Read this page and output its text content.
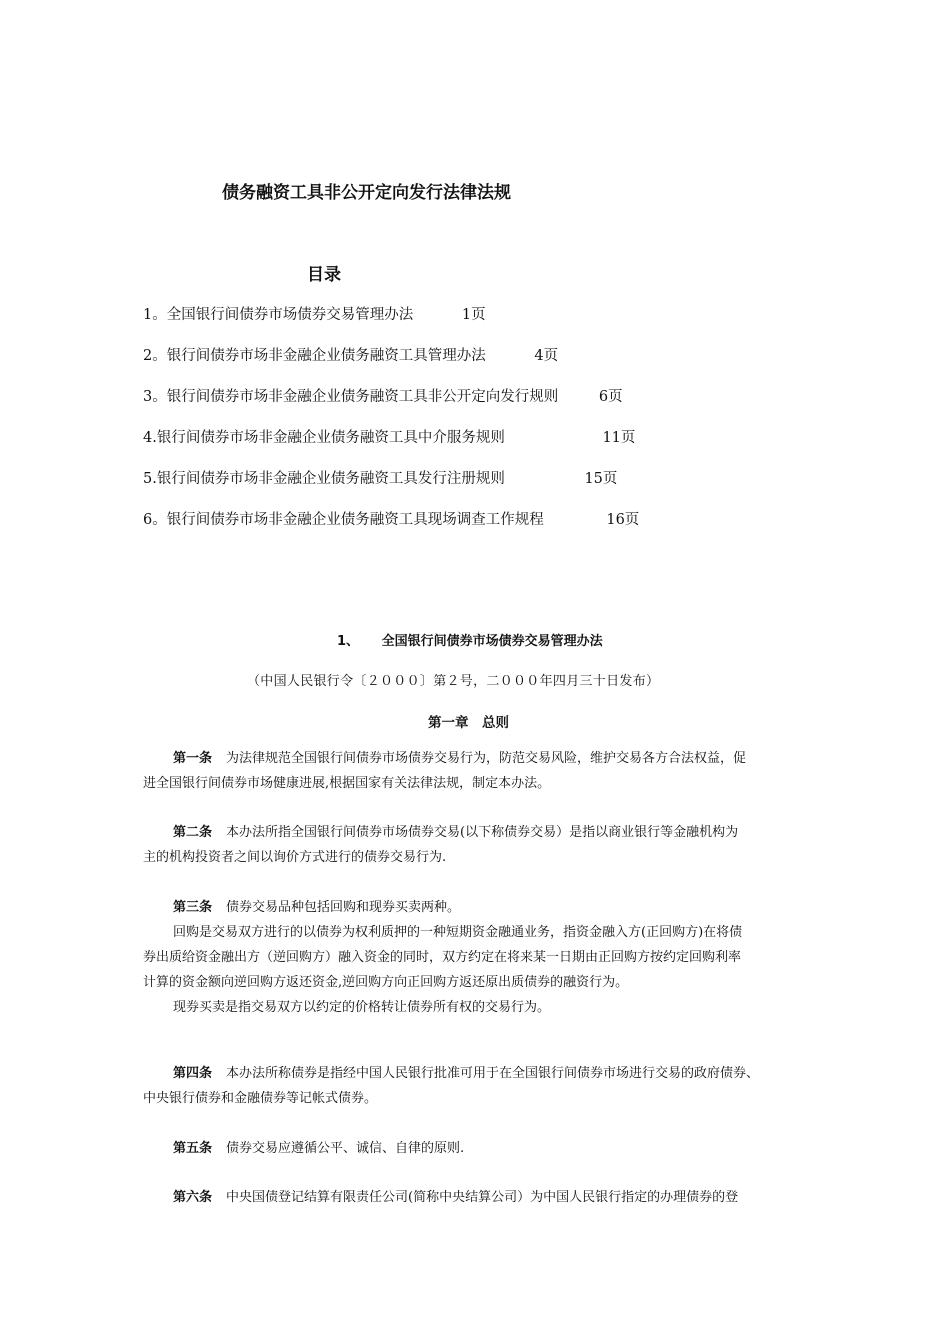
债务融资工具非公开定向发行法律法规
目录
1。全国银行间债券市场债券交易管理办法	1页
2。银行间债券市场非金融企业债务融资工具管理办法	4页
3。银行间债券市场非金融企业债务融资工具非公开定向发行规则	6页
4.银行间债券市场非金融企业债务融资工具中介服务规则	11页
5.银行间债券市场非金融企业债务融资工具发行注册规则	15页
6。银行间债券市场非金融企业债务融资工具现场调查工作规程	16页
1、 全国银行间债券市场债券交易管理办法
（中国人民银行令〔２０００〕第２号，二０００年四月三十日发布）
第一章　总则
第一条 为法律规范全国银行间债券市场债券交易行为，防范交易风险，维护交易各方合法权益，促
进全国银行间债券市场健康进展,根据国家有关法律法规，制定本办法。
第二条 本办法所指全国银行间债券市场债券交易(以下称债券交易）是指以商业银行等金融机构为
主的机构投资者之间以询价方式进行的债券交易行为.
第三条 债券交易品种包括回购和现券买卖两种。
回购是交易双方进行的以债券为权利质押的一种短期资金融通业务，指资金融入方(正回购方)在将债
券出质给资金融出方（逆回购方）融入资金的同时，双方约定在将来某一日期由正回购方按约定回购利率
计算的资金额向逆回购方返还资金,逆回购方向正回购方返还原出质债券的融资行为。
现券买卖是指交易双方以约定的价格转让债券所有权的交易行为。
第四条 本办法所称债券是指经中国人民银行批准可用于在全国银行间债券市场进行交易的政府债券、
中央银行债券和金融债券等记帐式债券。
第五条 债券交易应遵循公平、诚信、自律的原则.
第六条 中央国债登记结算有限责任公司(简称中央结算公司）为中国人民银行指定的办理债券的登
